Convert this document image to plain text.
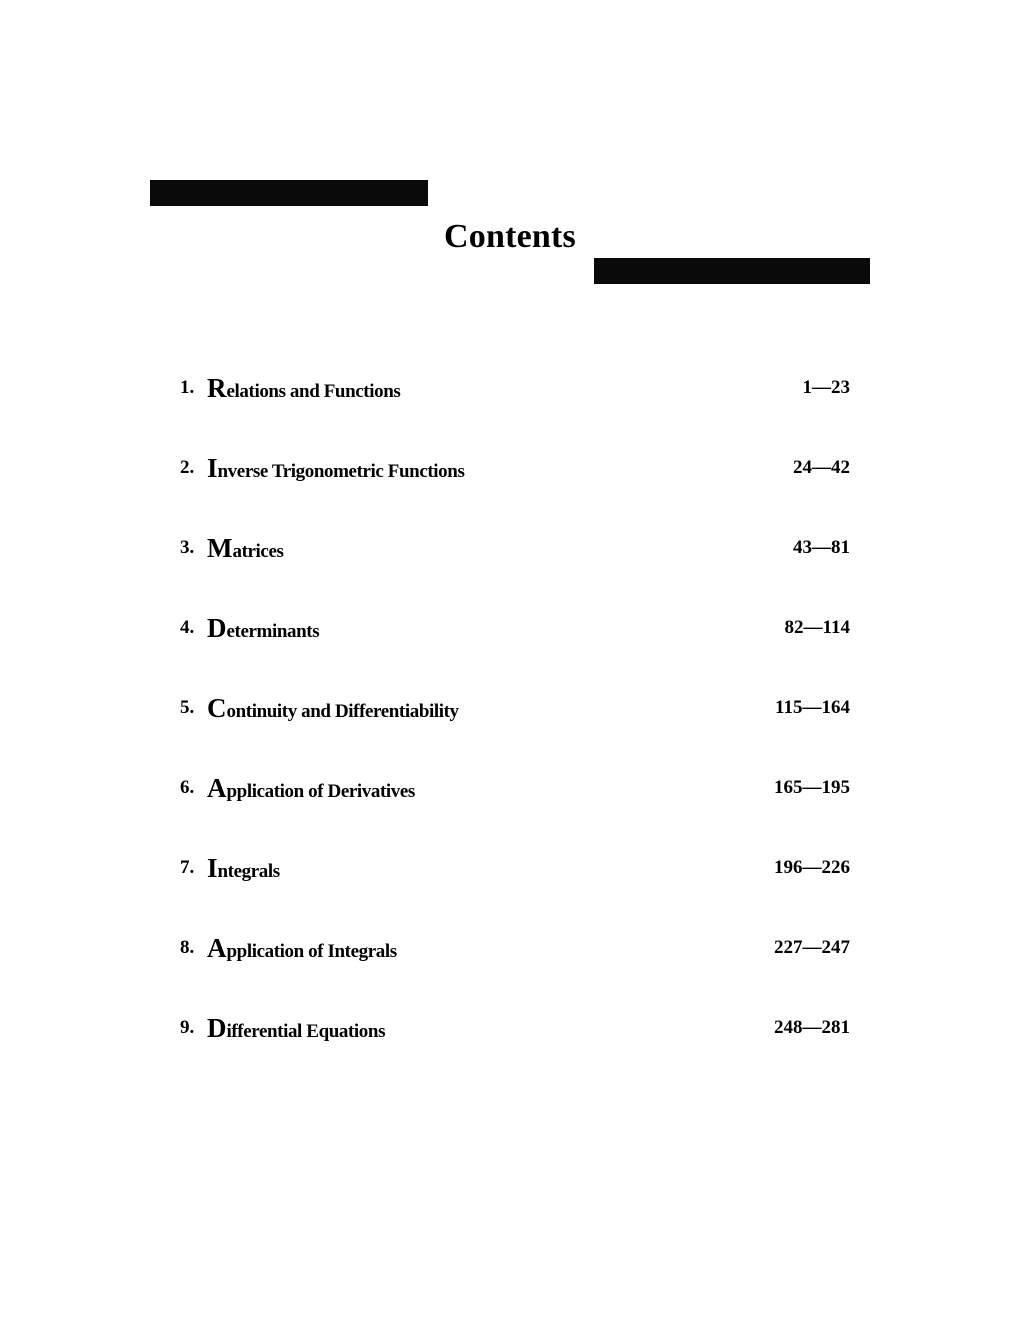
Contents
1. Relations and Functions	1—23
2. Inverse Trigonometric Functions	24—42
3. Matrices	43—81
4. Determinants	82—114
5. Continuity and Differentiability	115—164
6. Application of Derivatives	165—195
7. Integrals	196—226
8. Application of Integrals	227—247
9. Differential Equations	248—281
